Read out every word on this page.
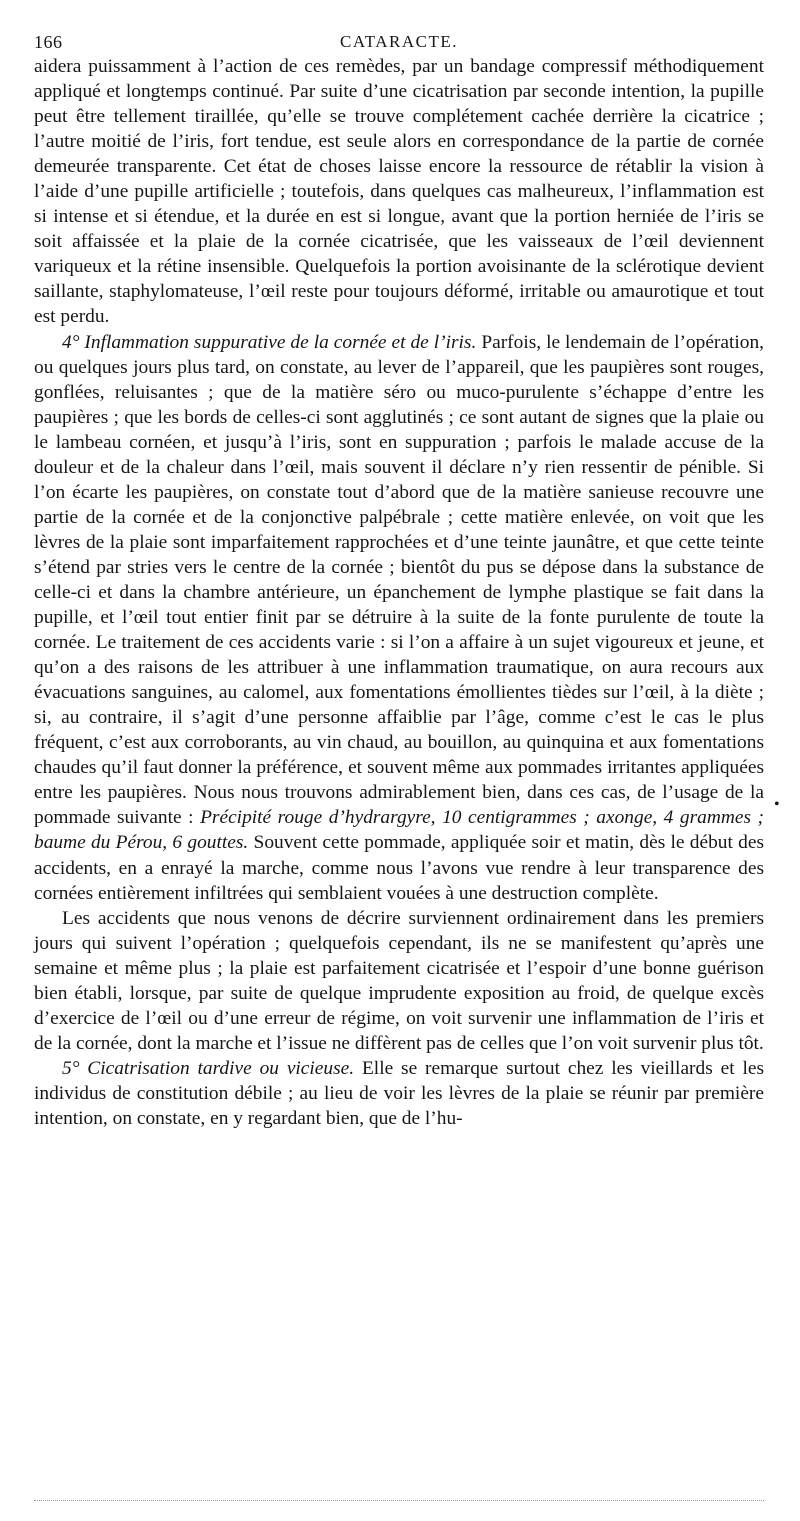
166	CATARACTE.

aidera puissamment à l’action de ces remèdes, par un bandage compressif méthodiquement appliqué et longtemps continué. Par suite d’une cicatrisation par seconde intention, la pupille peut être tellement tiraillée, qu’elle se trouve complétement cachée derrière la cicatrice ; l’autre moitié de l’iris, fort tendue, est seule alors en correspondance de la partie de cornée demeurée transparente. Cet état de choses laisse encore la ressource de rétablir la vision à l’aide d’une pupille artificielle ; toutefois, dans quelques cas malheureux, l’inflammation est si intense et si étendue, et la durée en est si longue, avant que la portion herniée de l’iris se soit affaissée et la plaie de la cornée cicatrisée, que les vaisseaux de l’œil deviennent variqueux et la rétine insensible. Quelquefois la portion avoisinante de la sclérotique devient saillante, staphylomateuse, l’œil reste pour toujours déformé, irritable ou amaurotique et tout est perdu.

4° Inflammation suppurative de la cornée et de l’iris. Parfois, le lendemain de l’opération, ou quelques jours plus tard, on constate, au lever de l’appareil, que les paupières sont rouges, gonflées, reluisantes ; que de la matière séro ou muco-purulente s’échappe d’entre les paupières ; que les bords de celles-ci sont agglutinés ; ce sont autant de signes que la plaie ou le lambeau cornéen, et jusqu’à l’iris, sont en suppuration ; parfois le malade accuse de la douleur et de la chaleur dans l’œil, mais souvent il déclare n’y rien ressentir de pénible. Si l’on écarte les paupières, on constate tout d’abord que de la matière sanieuse recouvre une partie de la cornée et de la conjonctive palpébrale ; cette matière enlevée, on voit que les lèvres de la plaie sont imparfaitement rapprochées et d’une teinte jaunâtre, et que cette teinte s’étend par stries vers le centre de la cornée ; bientôt du pus se dépose dans la substance de celle-ci et dans la chambre antérieure, un épanchement de lymphe plastique se fait dans la pupille, et l’œil tout entier finit par se détruire à la suite de la fonte purulente de toute la cornée. Le traitement de ces accidents varie : si l’on a affaire à un sujet vigoureux et jeune, et qu’on a des raisons de les attribuer à une inflammation traumatique, on aura recours aux évacuations sanguines, au calomel, aux fomentations émollientes tièdes sur l’œil, à la diète ; si, au contraire, il s’agit d’une personne affaiblie par l’âge, comme c’est le cas le plus fréquent, c’est aux corroborants, au vin chaud, au bouillon, au quinquina et aux fomentations chaudes qu’il faut donner la préférence, et souvent même aux pommades irritantes appliquées entre les paupières. Nous nous trouvons admirablement bien, dans ces cas, de l’usage de la pommade suivante : Précipité rouge d’hydrargyre, 10 centigrammes ; axonge, 4 grammes ; baume du Pérou, 6 gouttes. Souvent cette pommade, appliquée soir et matin, dès le début des accidents, en a enrayé la marche, comme nous l’avons vue rendre à leur transparence des cornées entièrement infiltrées qui semblaient vouées à une destruction complète.

Les accidents que nous venons de décrire surviennent ordinairement dans les premiers jours qui suivent l’opération ; quelquefois cependant, ils ne se manifestent qu’après une semaine et même plus ; la plaie est parfaitement cicatrisée et l’espoir d’une bonne guérison bien établi, lorsque, par suite de quelque imprudente exposition au froid, de quelque excès d’exercice de l’œil ou d’une erreur de régime, on voit survenir une inflammation de l’iris et de la cornée, dont la marche et l’issue ne diffèrent pas de celles que l’on voit survenir plus tôt.

5° Cicatrisation tardive ou vicieuse. Elle se remarque surtout chez les vieillards et les individus de constitution débile ; au lieu de voir les lèvres de la plaie se réunir par première intention, on constate, en y regardant bien, que de l’hu-

•
